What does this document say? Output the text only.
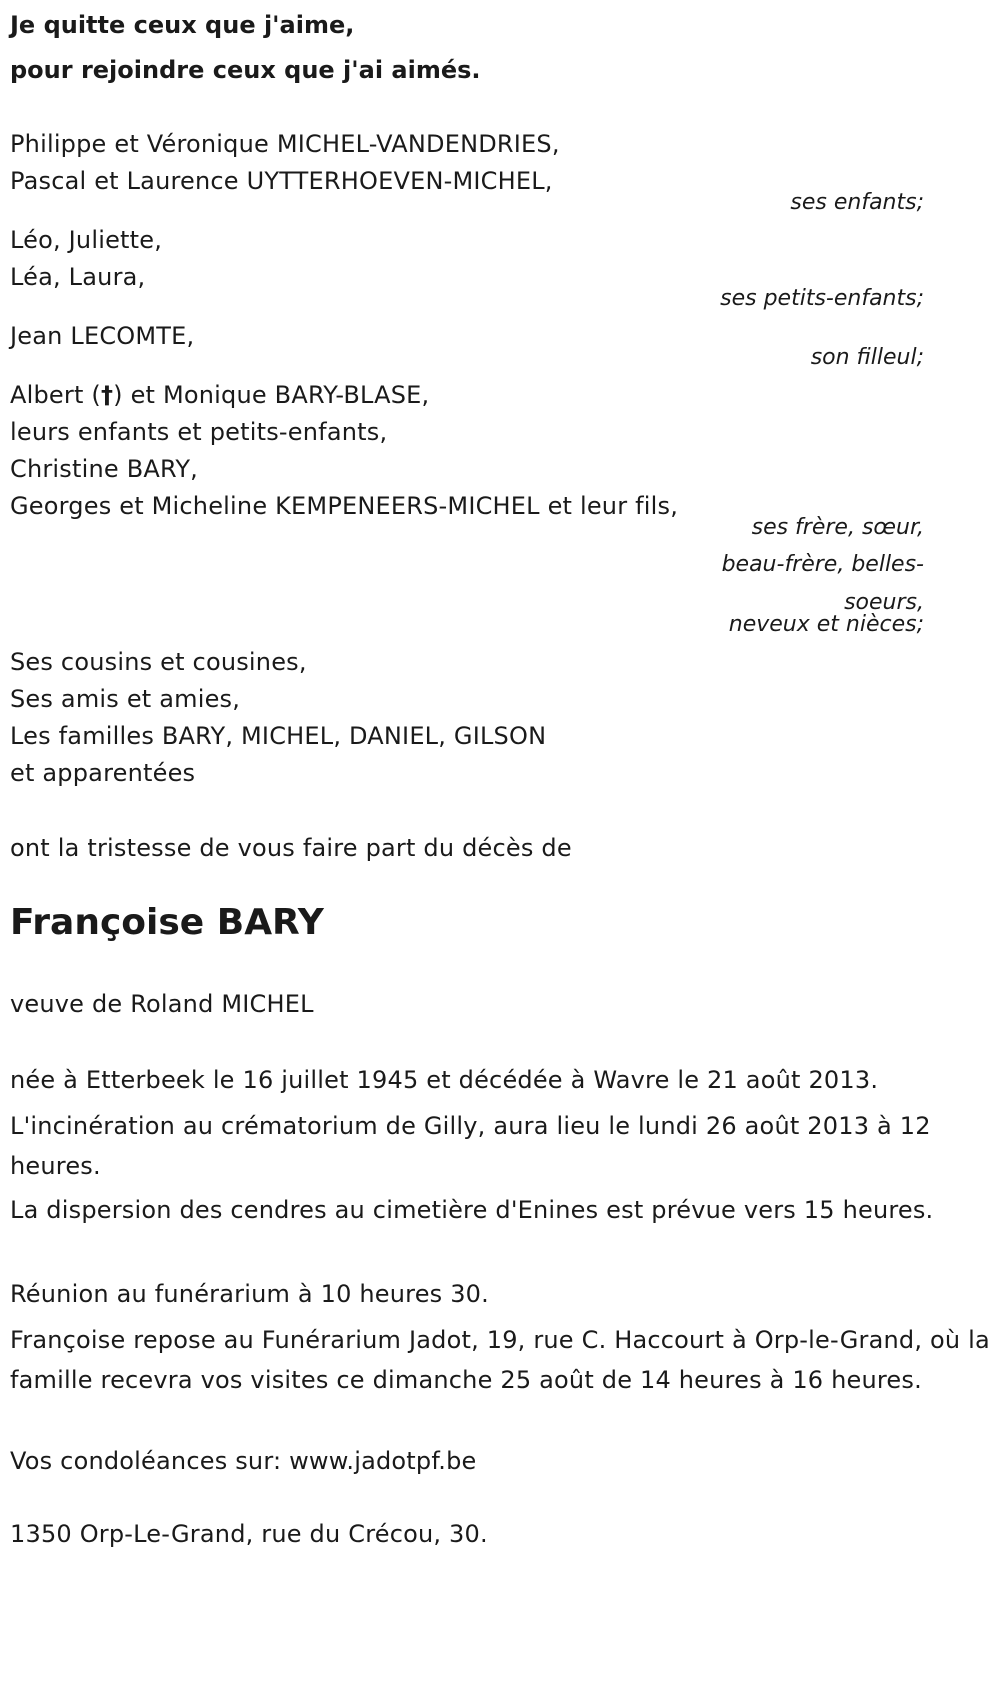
Je quitte ceux que j'aime,
pour rejoindre ceux que j'ai aimés.
Philippe et Véronique MICHEL-VANDENDRIES,
Pascal et Laurence UYTTERHOEVEN-MICHEL,
ses enfants;
Léo, Juliette,
Léa, Laura,
ses petits-enfants;
Jean LECOMTE,
son filleul;
Albert (†) et Monique BARY-BLASE,
leurs enfants et petits-enfants,
Christine BARY,
Georges et Micheline KEMPENEERS-MICHEL et leur fils,
ses frère, sœur,
beau-frère, belles-
soeurs,
neveux et nièces;
Ses cousins et cousines,
Ses amis et amies,
Les familles BARY, MICHEL, DANIEL, GILSON
et apparentées
ont la tristesse de vous faire part du décès de
Françoise BARY
veuve de Roland MICHEL
née à Etterbeek le 16 juillet 1945 et décédée à Wavre le 21 août 2013.
L'incinération au crématorium de Gilly, aura lieu le lundi 26 août 2013 à 12 heures.
La dispersion des cendres au cimetière d'Enines est prévue vers 15 heures.
Réunion au funérarium à 10 heures 30.
Françoise repose au Funérarium Jadot, 19, rue C. Haccourt à Orp-le-Grand, où la famille recevra vos visites ce dimanche 25 août de 14 heures à 16 heures.
Vos condoléances sur: www.jadotpf.be
1350 Orp-Le-Grand, rue du Crécou, 30.
